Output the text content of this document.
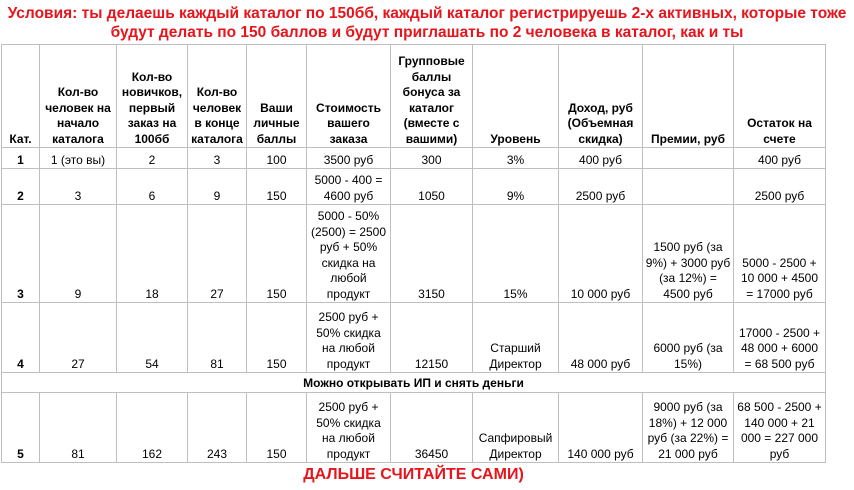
Условия: ты делаешь каждый каталог по 150бб, каждый каталог регистрируешь 2-х активных, которые тоже будут делать по 150 баллов и будут приглашать по 2 человека в каталог, как и ты
Кат.	Кол-во человек на начало каталога	Кол-во новичков, первый заказ на 100бб	Кол-во человек в конце каталога	Ваши личные баллы	Стоимость вашего заказа	Групповые баллы бонуса за каталог (вместе с вашими)	Уровень	Доход, руб (Объемная скидка)	Премии, руб	Остаток на счете
1	1 (это вы)	2	3	100	3500 руб	300	3%	400 руб		400 руб
2	3	6	9	150	5000 - 400 = 4600 руб	1050	9%	2500 руб		2500 руб
3	9	18	27	150	5000 - 50%(2500) = 2500 руб + 50% скидка на любой продукт	3150	15%	10 000 руб	1500 руб (за 9%) + 3000 руб (за 12%) = 4500 руб	5000 - 2500 + 10 000 + 4500 = 17000 руб
4	27	54	81	150	2500 руб + 50% скидка на любой продукт	12150	Старший Директор	48 000 руб	6000 руб (за 15%)	17000 - 2500 + 48 000 + 6000 = 68 500 руб
Можно открывать ИП и снять деньги										
5	81	162	243	150	2500 руб + 50% скидка на любой продукт	36450	Сапфировый Директор	140 000 руб	9000 руб (за 18%) + 12 000 руб (за 22%) = 21 000 руб	68 500 - 2500 + 140 000 + 21 000 = 227 000 руб
ДАЛЬШЕ СЧИТАЙТЕ САМИ)										
